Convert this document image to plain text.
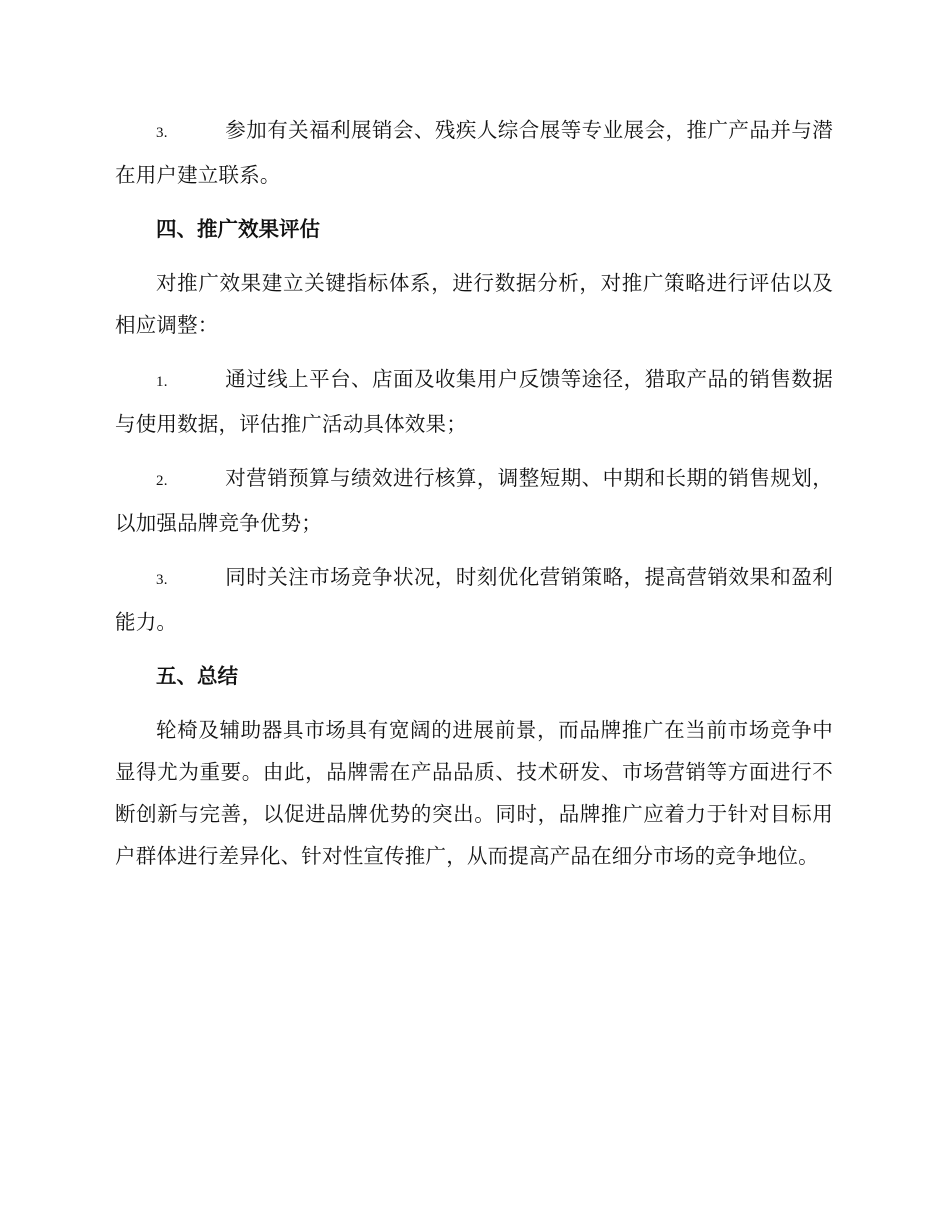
3.	参加有关福利展销会、残疾人综合展等专业展会，推广产品并与潜在用户建立联系。
四、推广效果评估

对推广效果建立关键指标体系，进行数据分析，对推广策略进行评估以及相应调整：

1.	通过线上平台、店面及收集用户反馈等途径，猎取产品的销售数据与使用数据，评估推广活动具体效果；
2.	对营销预算与绩效进行核算，调整短期、中期和长期的销售规划，以加强品牌竞争优势；
3.	同时关注市场竞争状况，时刻优化营销策略，提高营销效果和盈利能力。
五、总结

轮椅及辅助器具市场具有宽阔的进展前景，而品牌推广在当前市场竞争中显得尤为重要。由此，品牌需在产品品质、技术研发、市场营销等方面进行不断创新与完善，以促进品牌优势的突出。同时，品牌推广应着力于针对目标用户群体进行差异化、针对性宣传推广，从而提高产品在细分市场的竞争地位。
